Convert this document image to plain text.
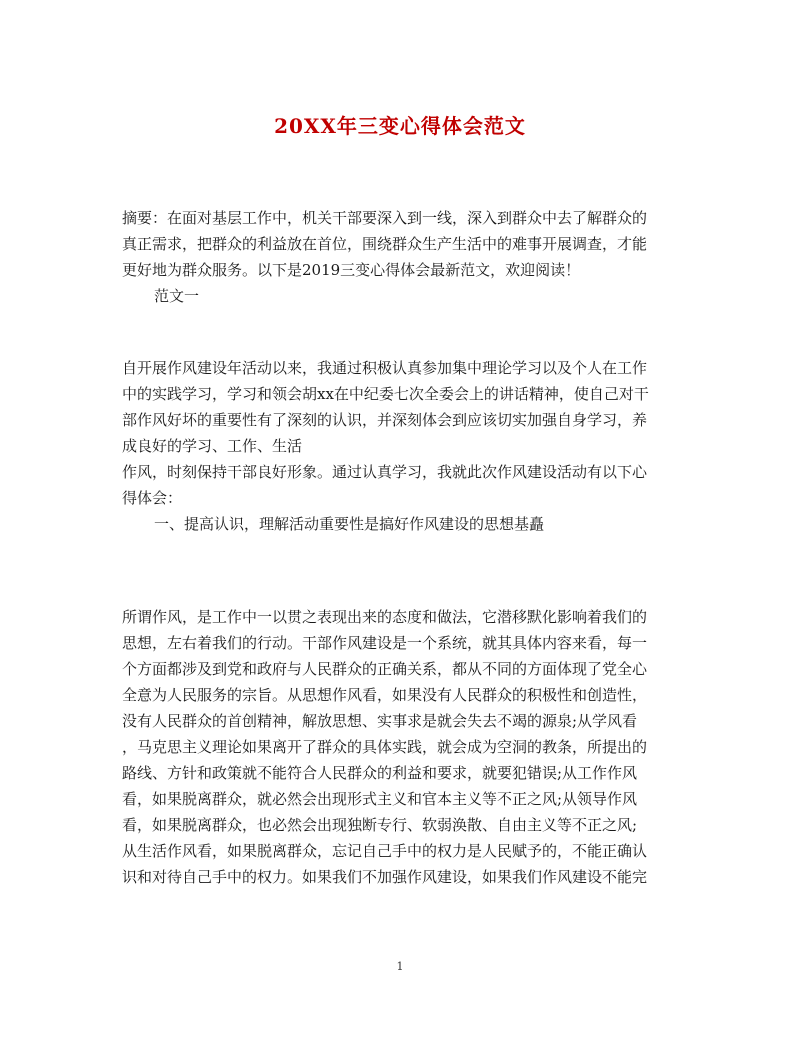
20XX年三变心得体会范文
摘要：在面对基层工作中，机关干部要深入到一线，深入到群众中去了解群众的
真正需求，把群众的利益放在首位，围绕群众生产生活中的难事开展调查，才能
更好地为群众服务。以下是2019三变心得体会最新范文，欢迎阅读！
范文一
自开展作风建设年活动以来，我通过积极认真参加集中理论学习以及个人在工作
中的实践学习，学习和领会胡xx在中纪委七次全委会上的讲话精神，使自己对干
部作风好坏的重要性有了深刻的认识，并深刻体会到应该切实加强自身学习，养
成良好的学习、工作、生活
作风，时刻保持干部良好形象。通过认真学习，我就此次作风建设活动有以下心
得体会：
一、提高认识，理解活动重要性是搞好作风建设的思想基矗
所谓作风，是工作中一以贯之表现出来的态度和做法，它潜移默化影响着我们的
思想，左右着我们的行动。干部作风建设是一个系统，就其具体内容来看，每一
个方面都涉及到党和政府与人民群众的正确关系，都从不同的方面体现了党全心
全意为人民服务的宗旨。从思想作风看，如果没有人民群众的积极性和创造性，
没有人民群众的首创精神，解放思想、实事求是就会失去不竭的源泉;从学风看
，马克思主义理论如果离开了群众的具体实践，就会成为空洞的教条，所提出的
路线、方针和政策就不能符合人民群众的利益和要求，就要犯错误;从工作作风
看，如果脱离群众，就必然会出现形式主义和官本主义等不正之风;从领导作风
看，如果脱离群众，也必然会出现独断专行、软弱涣散、自由主义等不正之风;
从生活作风看，如果脱离群众，忘记自己手中的权力是人民赋予的，不能正确认
识和对待自己手中的权力。如果我们不加强作风建设，如果我们作风建设不能完
1
